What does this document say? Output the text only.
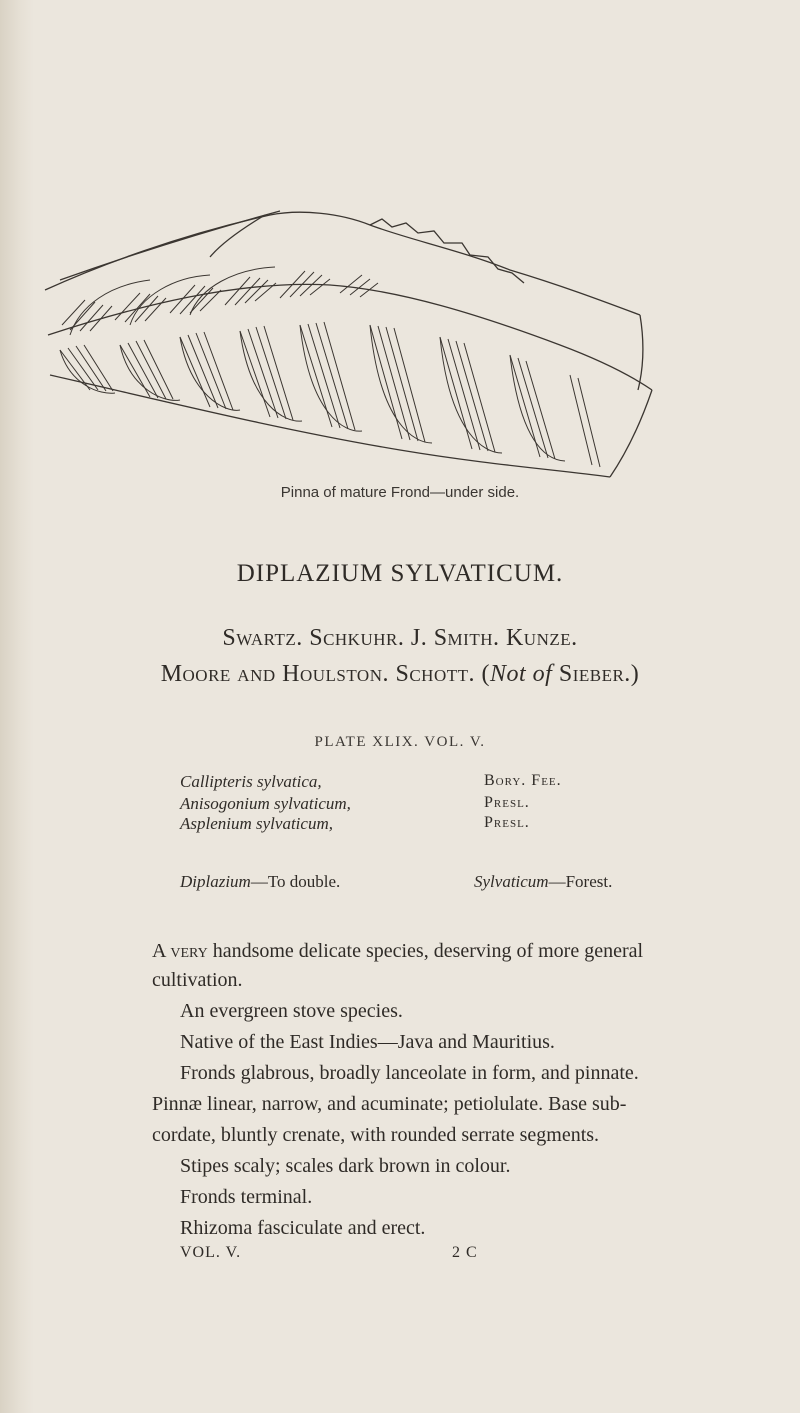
Pinna of mature Frond—under side.
DIPLAZIUM SYLVATICUM.
Swartz. Schkuhr. J. Smith. Kunze.
Moore and Houlston. Schott. (Not of Sieber.)
PLATE XLIX. VOL. V.
Callipteris sylvatica,	Bory. Fee.
Anisogonium sylvaticum,	Presl.
Asplenium sylvaticum,	Presl.
Diplazium—To double.	Sylvaticum—Forest.
A very handsome delicate species, deserving of more general
cultivation.
An evergreen stove species.
Native of the East Indies—Java and Mauritius.
Fronds glabrous, broadly lanceolate in form, and pinnate.
Pinnæ linear, narrow, and acuminate; petiolulate. Base sub-
cordate, bluntly crenate, with rounded serrate segments.
Stipes scaly; scales dark brown in colour.
Fronds terminal.
Rhizoma fasciculate and erect.
VOL. V.	2 C
